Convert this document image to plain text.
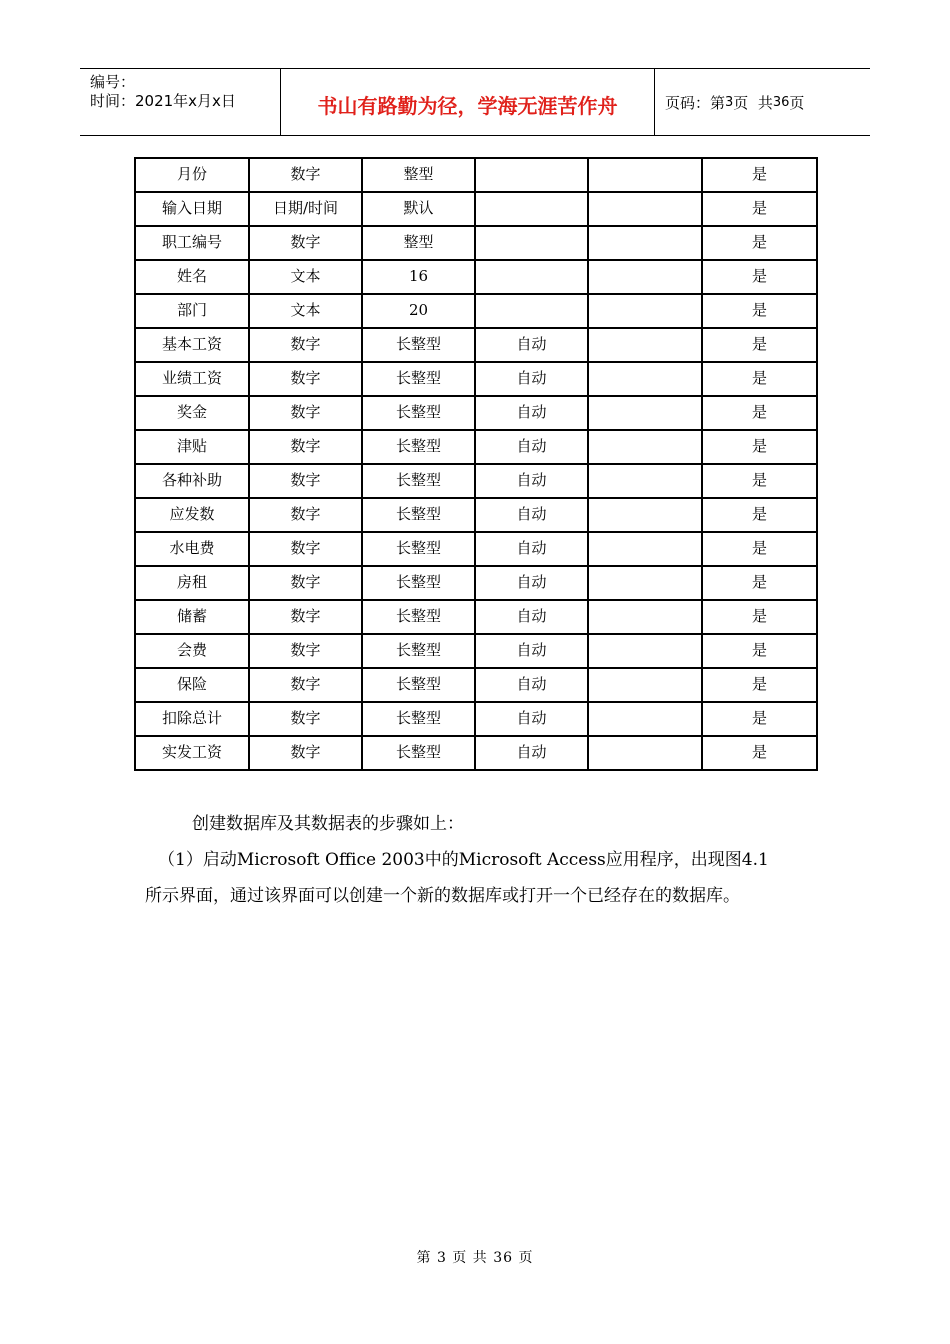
编号：
时间：2021年x月x日	书山有路勤为径，学海无涯苦作舟	页码：第 3 页  共 36 页
月份	数字	整型			是
输入日期	日期/时间	默认			是
职工编号	数字	整型			是
姓名	文本	16			是
部门	文本	20			是
基本工资	数字	长整型	自动		是
业绩工资	数字	长整型	自动		是
奖金	数字	长整型	自动		是
津贴	数字	长整型	自动		是
各种补助	数字	长整型	自动		是
应发数	数字	长整型	自动		是
水电费	数字	长整型	自动		是
房租	数字	长整型	自动		是
储蓄	数字	长整型	自动		是
会费	数字	长整型	自动		是
保险	数字	长整型	自动		是
扣除总计	数字	长整型	自动		是
实发工资	数字	长整型	自动		是
创建数据库及其数据表的步骤如上：
（1）启动Microsoft Office 2003中的Microsoft Access应用程序，出现图4.1
所示界面，通过该界面可以创建一个新的数据库或打开一个已经存在的数据库。
第 3 页 共 36 页
